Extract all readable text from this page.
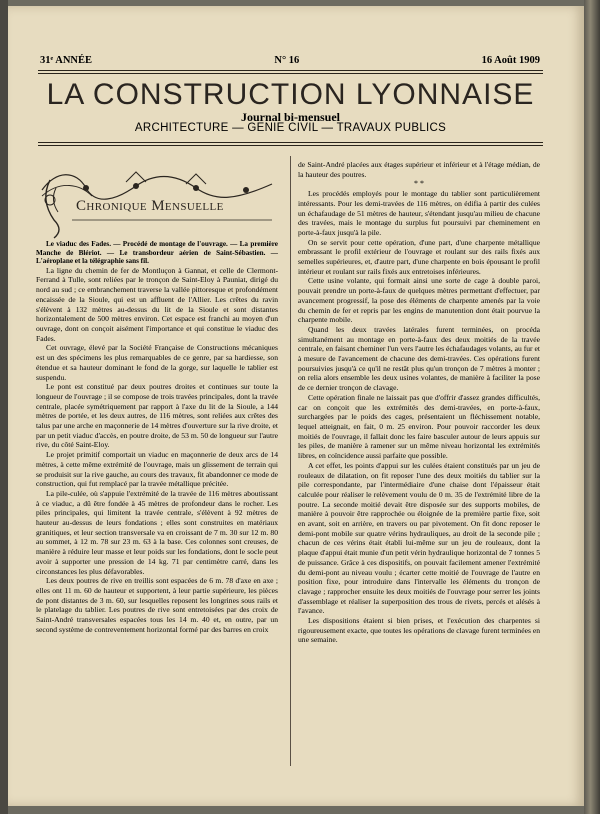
31ᵉ ANNÉE	N° 16	16 Août 1909
LA CONSTRUCTION LYONNAISE
Journal bi-mensuel
ARCHITECTURE — GENIE CIVIL — TRAVAUX PUBLICS
Chronique Mensuelle

Le viaduc des Fades. — Procédé de montage de l'ouvrage. — La première Manche de Blériot. — Le transbordeur aérien de Saint-Sébastien. — L'aéroplane et la télégraphie sans fil.

La ligne du chemin de fer de Montluçon à Gannat, et celle de Clermont-Ferrand à Tulle, sont reliées par le tronçon de Saint-Eloy à Pauniat, dirigé du nord au sud ; ce embranchement traverse la vallée pittoresque et profondément encaissée de la Sioule, qui est un affluent de l'Allier. Les crêtes du ravin s'élèvent à 132 mètres au-dessus du lit de la Sioule et sont distantes horizontalement de 500 mètres environ. Cet espace est franchi au moyen d'un ouvrage, dont on conçoit aisément l'importance et qui constitue le viaduc des Fades.

Cet ouvrage, élevé par la Société Française de Constructions mécaniques est un des spécimens les plus remarquables de ce genre, par sa hardiesse, son étendue et sa hauteur dominant le fond de la gorge, sur laquelle le tablier est suspendu.

Le pont est constitué par deux poutres droites et continues sur toute la longueur de l'ouvrage ; il se compose de trois travées principales, dont la travée centrale, placée symétriquement par rapport à l'axe du lit de la Sioule, a 144 mètres de portée, et les deux autres, de 116 mètres, sont reliées aux crêtes des talus par une arche en maçonnerie de 14 mètres d'ouverture sur la rive droite, et par un petit viaduc d'accès, en poutre droite, de 53 m. 50 de longueur sur l'autre rive, du côté Saint-Eloy.

Le projet primitif comportait un viaduc en maçonnerie de deux arcs de 14 mètres, à cette même extrémité de l'ouvrage, mais un glissement de terrain qui se produisit sur la rive gauche, au cours des travaux, fit abandonner ce mode de construction, qui fut remplacé par la travée métallique précitée.

La pile-culée, où s'appuie l'extrémité de la travée de 116 mètres aboutissant à ce viaduc, a dû être fondée à 45 mètres de profondeur dans le rocher. Les piles principales, qui limitent la travée centrale, s'élèvent à 92 mètres de hauteur au-dessus de leurs fondations ; elles sont construites en matériaux granitiques, et leur section transversale va en croissant de 7 m. 30 sur 12 m. 80 au sommet, à 12 m. 78 sur 23 m. 63 à la base. Ces colonnes sont creuses, de manière à réduire leur masse et leur poids sur les fondations, dont le socle peut avoir à supporter une pression de 14 kg. 71 par centimètre carré, dans les circonstances les plus défavorables.

Les deux poutres de rive en treillis sont espacées de 6 m. 78 d'axe en axe ; elles ont 11 m. 60 de hauteur et supportent, à leur partie supérieure, les pièces de pont distantes de 3 m. 60, sur lesquelles reposent les longrines sous rails et le platelage du tablier. Les poutres de rive sont entretoisées par des croix de Saint-André transversales espacées tous les 14 m. 40 et, en outre, par un second système de contreventement horizontal formé par des barres en croix

de Saint-André placées aux étages supérieur et inférieur et à l'étage médian, de la hauteur des poutres.

* *

Les procédés employés pour le montage du tablier sont particulièrement intéressants. Pour les demi-travées de 116 mètres, on édifia à partir des culées un échafaudage de 51 mètres de hauteur, s'étendant jusqu'au milieu de chacune des travées, mais le montage du surplus fut poursuivi par cheminement en porte-à-faux jusqu'à la pile.

On se servit pour cette opération, d'une part, d'une charpente métallique embrassant le profil extérieur de l'ouvrage et roulant sur des rails fixés aux semelles supérieures, et, d'autre part, d'une charpente en bois épousant le profil intérieur et roulant sur rails fixés aux entretoises inférieures.

Cette usine volante, qui formait ainsi une sorte de cage à double paroi, pouvait prendre un porte-à-faux de quelques mètres permettant d'effectuer, par avancement progressif, la pose des éléments de charpente amenés par la voie du chemin de fer et repris par les engins de manutention dont était pourvue la charpente mobile.

Quand les deux travées latérales furent terminées, on procéda simultanément au montage en porte-à-faux des deux moitiés de la travée centrale, en faisant cheminer l'un vers l'autre les échafaudages volants, au fur et à mesure de l'avancement de chacune des demi-travées. Ces opérations furent poursuivies jusqu'à ce qu'il ne restât plus qu'un tronçon de 7 mètres à monter ; on relia alors ensemble les deux usines volantes, de manière à faciliter la pose de ce dernier tronçon de clavage.

Cette opération finale ne laissait pas que d'offrir d'assez grandes difficultés, car on conçoit que les extrémités des demi-travées, en porte-à-faux, surchargées par le poids des cages, présentaient un fléchissement notable, lequel atteignait, en fait, 0 m. 25 environ. Pour pouvoir raccorder les deux moitiés de l'ouvrage, il fallait donc les faire basculer autour de leurs appuis sur les piles, de manière à ramener sur un même niveau horizontal les extrémités libres, en coïncidence aussi parfaite que possible.

A cet effet, les points d'appui sur les culées étaient constitués par un jeu de rouleaux de dilatation, on fit reposer l'une des deux moitiés du tablier sur la pile correspondante, par l'intermédiaire d'une chaise dont l'épaisseur était calculée pour réaliser le relèvement voulu de 0 m. 35 de l'extrémité libre de la poutre. La seconde moitié devait être disposée sur des supports mobiles, de manière à pouvoir être rapprochée ou éloignée de la première partie fixe, soit en avant, soit en arrière, en travers ou par pivotement. On fit donc reposer le demi-pont mobile sur quatre vérins hydrauliques, au droit de la seconde pile ; chacun de ces vérins était établi lui-même sur un jeu de rouleaux, dont la plaque d'appui était munie d'un petit vérin hydraulique horizontal de 7 tonnes 5 de puissance. Grâce à ces dispositifs, on pouvait facilement amener l'extrémité du demi-pont au niveau voulu ; écarter cette moitié de l'ouvrage de l'autre en position fixe, pour introduire dans l'intervalle les éléments du tronçon de clavage ; rapprocher ensuite les deux moitiés de l'ouvrage pour serrer les joints d'assemblage et réaliser la superposition des trous de rivets, percés et alésés à l'avance.

Les dispositions étaient si bien prises, et l'exécution des charpentes si rigoureusement exacte, que toutes les opérations de clavage furent terminées en une semaine.
